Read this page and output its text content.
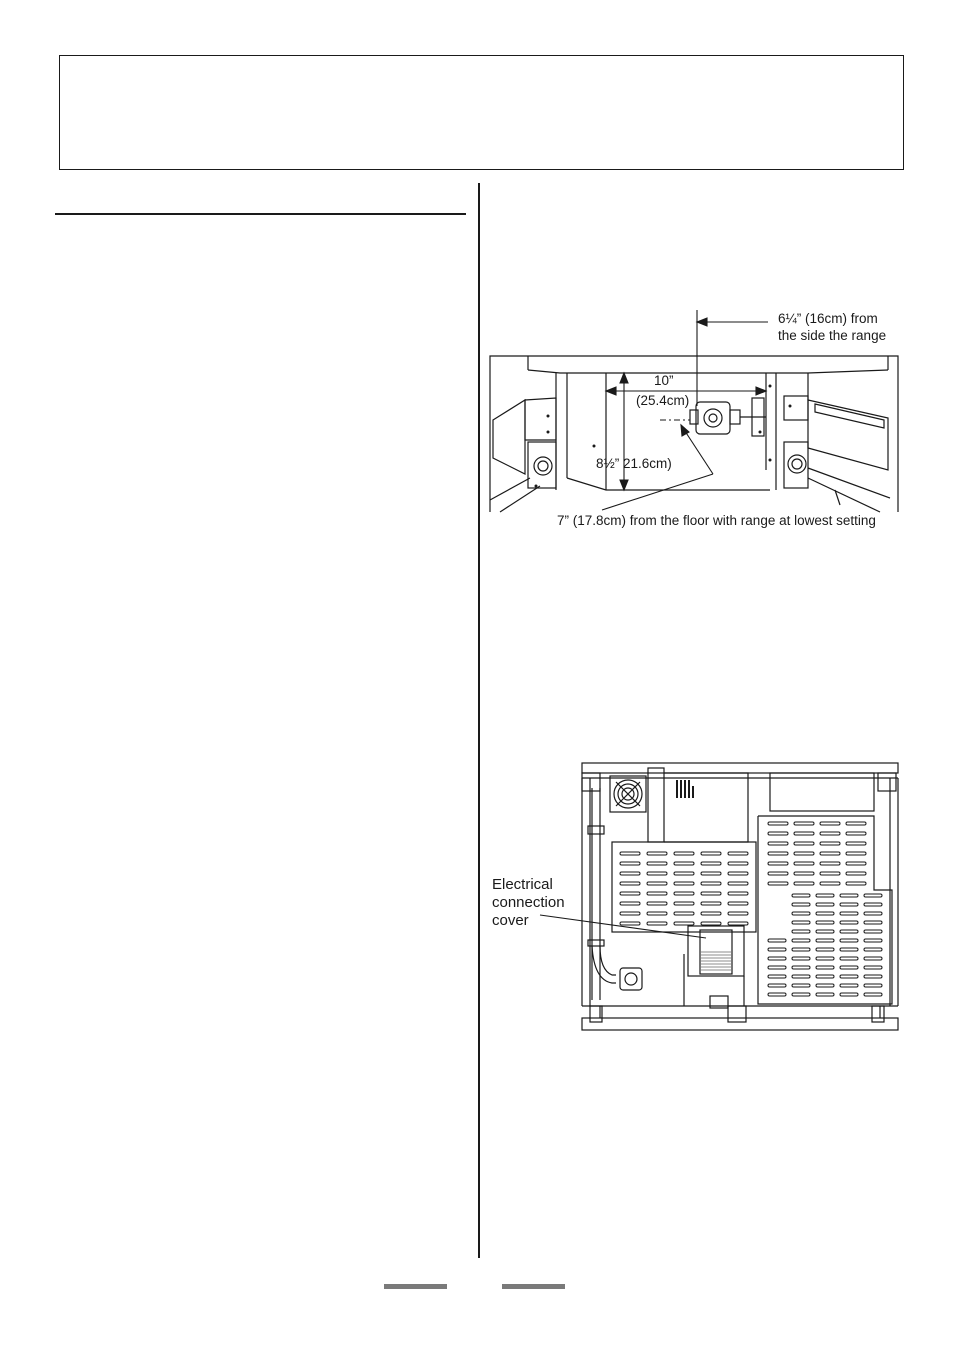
6¼” (16cm) from
the side the range
10”
(25.4cm)
8½” 21.6cm)
7” (17.8cm) from the floor with range at lowest setting
Electrical
connection
cover
